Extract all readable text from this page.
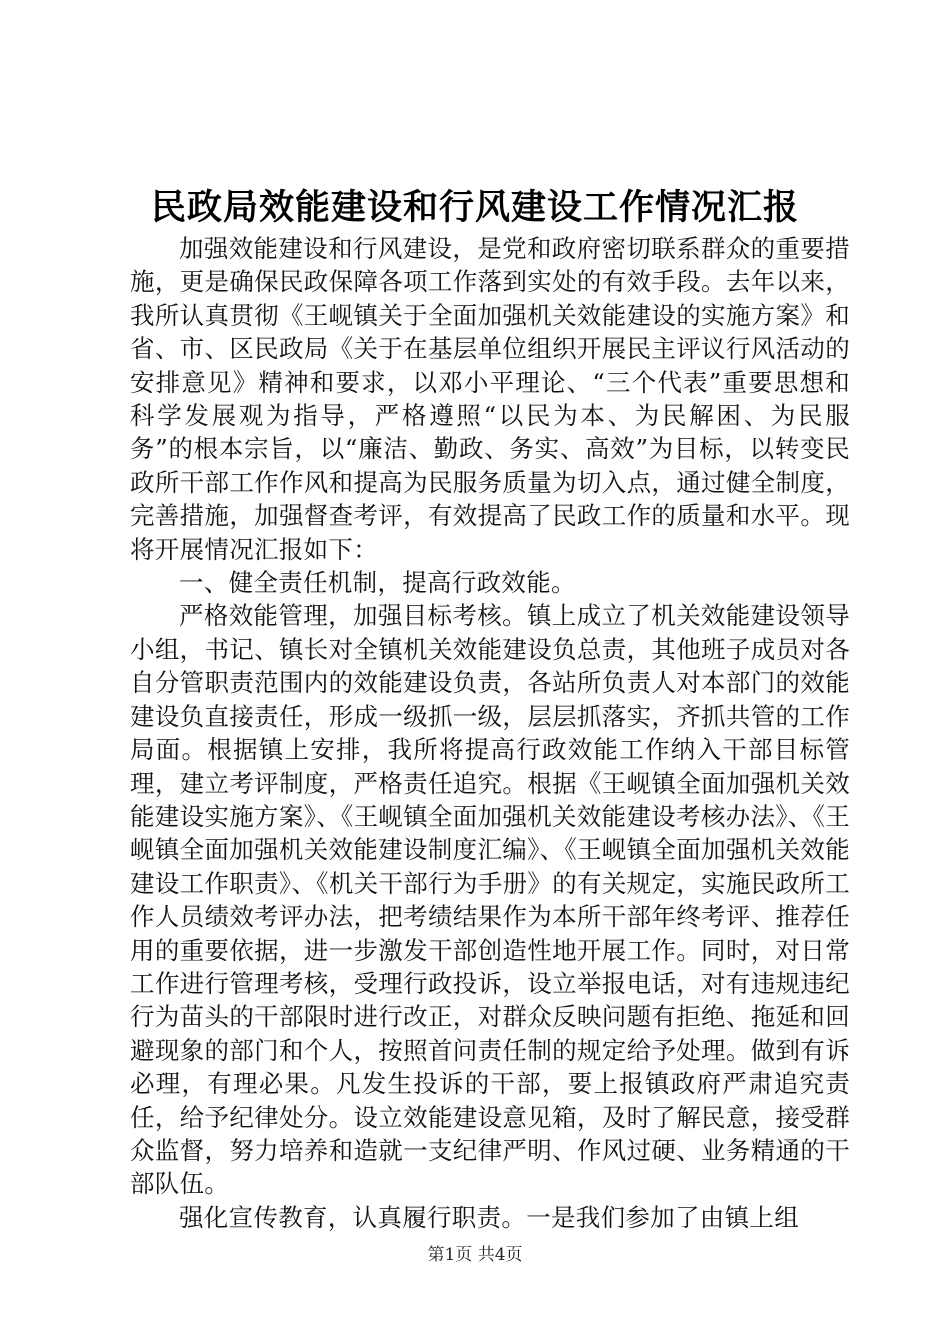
民政局效能建设和行风建设工作情况汇报

加强效能建设和行风建设，是党和政府密切联系群众的重要措施，更是确保民政保障各项工作落到实处的有效手段。去年以来，我所认真贯彻《王岘镇关于全面加强机关效能建设的实施方案》和省、市、区民政局《关于在基层单位组织开展民主评议行风活动的安排意见》精神和要求，以邓小平理论、“三个代表”重要思想和科学发展观为指导，严格遵照“以民为本、为民解困、为民服务”的根本宗旨，以“廉洁、勤政、务实、高效”为目标，以转变民政所干部工作作风和提高为民服务质量为切入点，通过健全制度，完善措施，加强督查考评，有效提高了民政工作的质量和水平。现将开展情况汇报如下：

一、健全责任机制，提高行政效能。

严格效能管理，加强目标考核。镇上成立了机关效能建设领导小组，书记、镇长对全镇机关效能建设负总责，其他班子成员对各自分管职责范围内的效能建设负责，各站所负责人对本部门的效能建设负直接责任，形成一级抓一级，层层抓落实，齐抓共管的工作局面。根据镇上安排，我所将提高行政效能工作纳入干部目标管理，建立考评制度，严格责任追究。根据《王岘镇全面加强机关效能建设实施方案》、《王岘镇全面加强机关效能建设考核办法》、《王岘镇全面加强机关效能建设制度汇编》、《王岘镇全面加强机关效能建设工作职责》、《机关干部行为手册》的有关规定，实施民政所工作人员绩效考评办法，把考绩结果作为本所干部年终考评、推荐任用的重要依据，进一步激发干部创造性地开展工作。同时，对日常工作进行管理考核，受理行政投诉，设立举报电话，对有违规违纪行为苗头的干部限时进行改正，对群众反映问题有拒绝、拖延和回避现象的部门和个人，按照首问责任制的规定给予处理。做到有诉必理，有理必果。凡发生投诉的干部，要上报镇政府严肃追究责任，给予纪律处分。设立效能建设意见箱，及时了解民意，接受群众监督，努力培养和造就一支纪律严明、作风过硬、业务精通的干部队伍。

强化宣传教育，认真履行职责。一是我们参加了由镇上组

第1页 共4页
